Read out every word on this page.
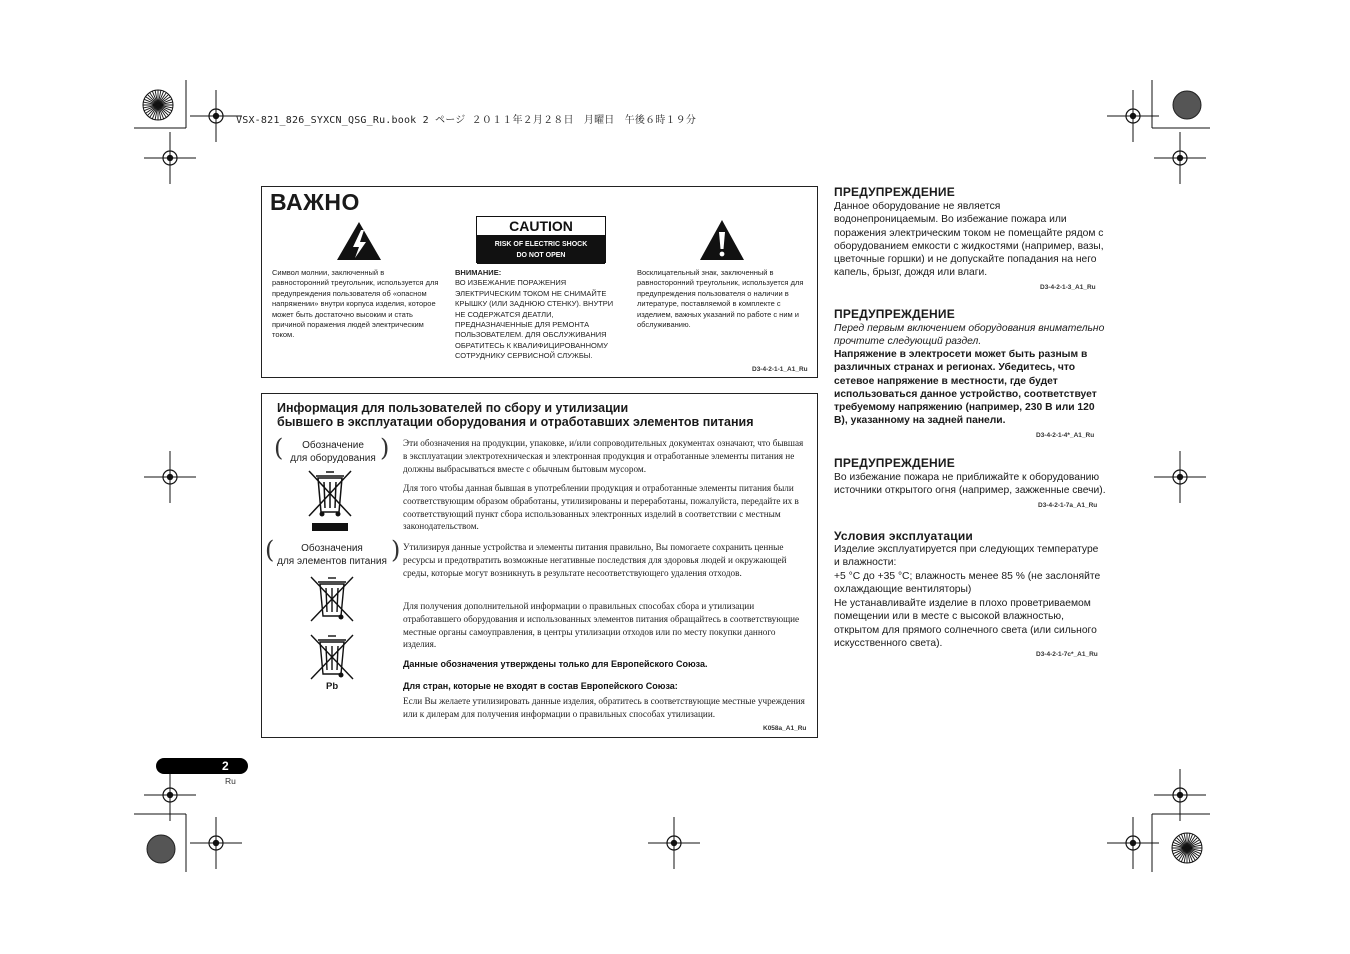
VSX-821_826_SYXCN_QSG_Ru.book 2 ページ ２０１１年２月２８日　月曜日　午後６時１９分
ВАЖНО
Символ молнии, заключенный в равносторонний треугольник, используется для предупреждения пользователя об «опасном напряжении» внутри корпуса изделия, которое может быть достаточно высоким и стать причиной поражения людей электрическим током.
CAUTION
RISK OF ELECTRIC SHOCK
DO NOT OPEN
ВНИМАНИЕ:
ВО ИЗБЕЖАНИЕ ПОРАЖЕНИЯ ЭЛЕКТРИЧЕСКИМ ТОКОМ НЕ СНИМАЙТЕ КРЫШКУ (ИЛИ ЗАДНЮЮ СТЕНКУ). ВНУТРИ НЕ СОДЕРЖАТСЯ ДЕАТЛИ, ПРЕДНАЗНАЧЕННЫЕ ДЛЯ РЕМОНТА ПОЛЬЗОВАТЕЛЕМ. ДЛЯ ОБСЛУЖИВАНИЯ ОБРАТИТЕСЬ К КВАЛИФИЦИРОВАННОМУ СОТРУДНИКУ СЕРВИСНОЙ СЛУЖБЫ.
Восклицательный знак, заключенный в равносторонний треугольник, используется для предупреждения пользователя о наличии в литературе, поставляемой в комплекте с изделием, важных указаний по работе с ним и обслуживанию.
D3-4-2-1-1_A1_Ru
Информация для пользователей по сбору и утилизации
бывшего в эксплуатации оборудования и отработавших элементов питания
(	Обозначение
для оборудования )
(	Обозначения
для элементов питания )
Pb
Эти обозначения на продукции, упаковке, и/или сопроводительных документах означают, что бывшая в эксплуатации электротехническая и электронная продукция и отработанные элементы питания не должны выбрасываться вместе с обычным бытовым мусором.
Для того чтобы данная бывшая в употреблении продукция и отработанные элементы питания были соответствующим образом обработаны, утилизированы и переработаны, пожалуйста, передайте их в соответствующий пункт сбора использованных электронных изделий в соответствии с местным законодательством.
Утилизируя данные устройства и элементы питания правильно, Вы помогаете сохранить ценные ресурсы и предотвратить возможные негативные последствия для здоровья людей и окружающей среды, которые могут возникнуть в результате несоответствующего удаления отходов.
Для получения дополнительной информации о правильных способах сбора и утилизации отработавшего оборудования и использованных элементов питания обращайтесь в соответствующие местные органы самоуправления, в центры утилизации отходов или по месту покупки данного изделия.
Данные обозначения утверждены только для Европейского Союза.
Для стран, которые не входят в состав Европейского Союза:
Если Вы желаете утилизировать данные изделия, обратитесь в соответствующие местные учреждения или к дилерам для получения информации о правильных способах утилизации.
K058a_A1_Ru
ПРЕДУПРЕЖДЕНИЕ
Данное оборудование не является водонепроницаемым. Во избежание пожара или поражения электрическим током не помещайте рядом с оборудованием емкости с жидкостями (например, вазы, цветочные горшки) и не допускайте попадания на него капель, брызг, дождя или влаги.
D3-4-2-1-3_A1_Ru
ПРЕДУПРЕЖДЕНИЕ
Перед первым включением оборудования внимательно прочтите следующий раздел.
Напряжение в электросети может быть разным в различных странах и регионах. Убедитесь, что сетевое напряжение в местности, где будет использоваться данное устройство, соответствует требуемому напряжению (например, 230 В или 120 В), указанному на задней панели.
D3-4-2-1-4*_A1_Ru
ПРЕДУПРЕЖДЕНИЕ
Во избежание пожара не приближайте к оборудованию источники открытого огня (например, зажженные свечи).
D3-4-2-1-7a_A1_Ru
Условия эксплуатации
Изделие эксплуатируется при следующих температуре и влажности:
+5 °C до +35 °C; влажность менее 85 % (не заслоняйте охлаждающие вентиляторы)
Не устанавливайте изделие в плохо проветриваемом помещении или в месте с высокой влажностью, открытом для прямого солнечного света (или сильного искусственного света).
D3-4-2-1-7c*_A1_Ru
2
Ru
